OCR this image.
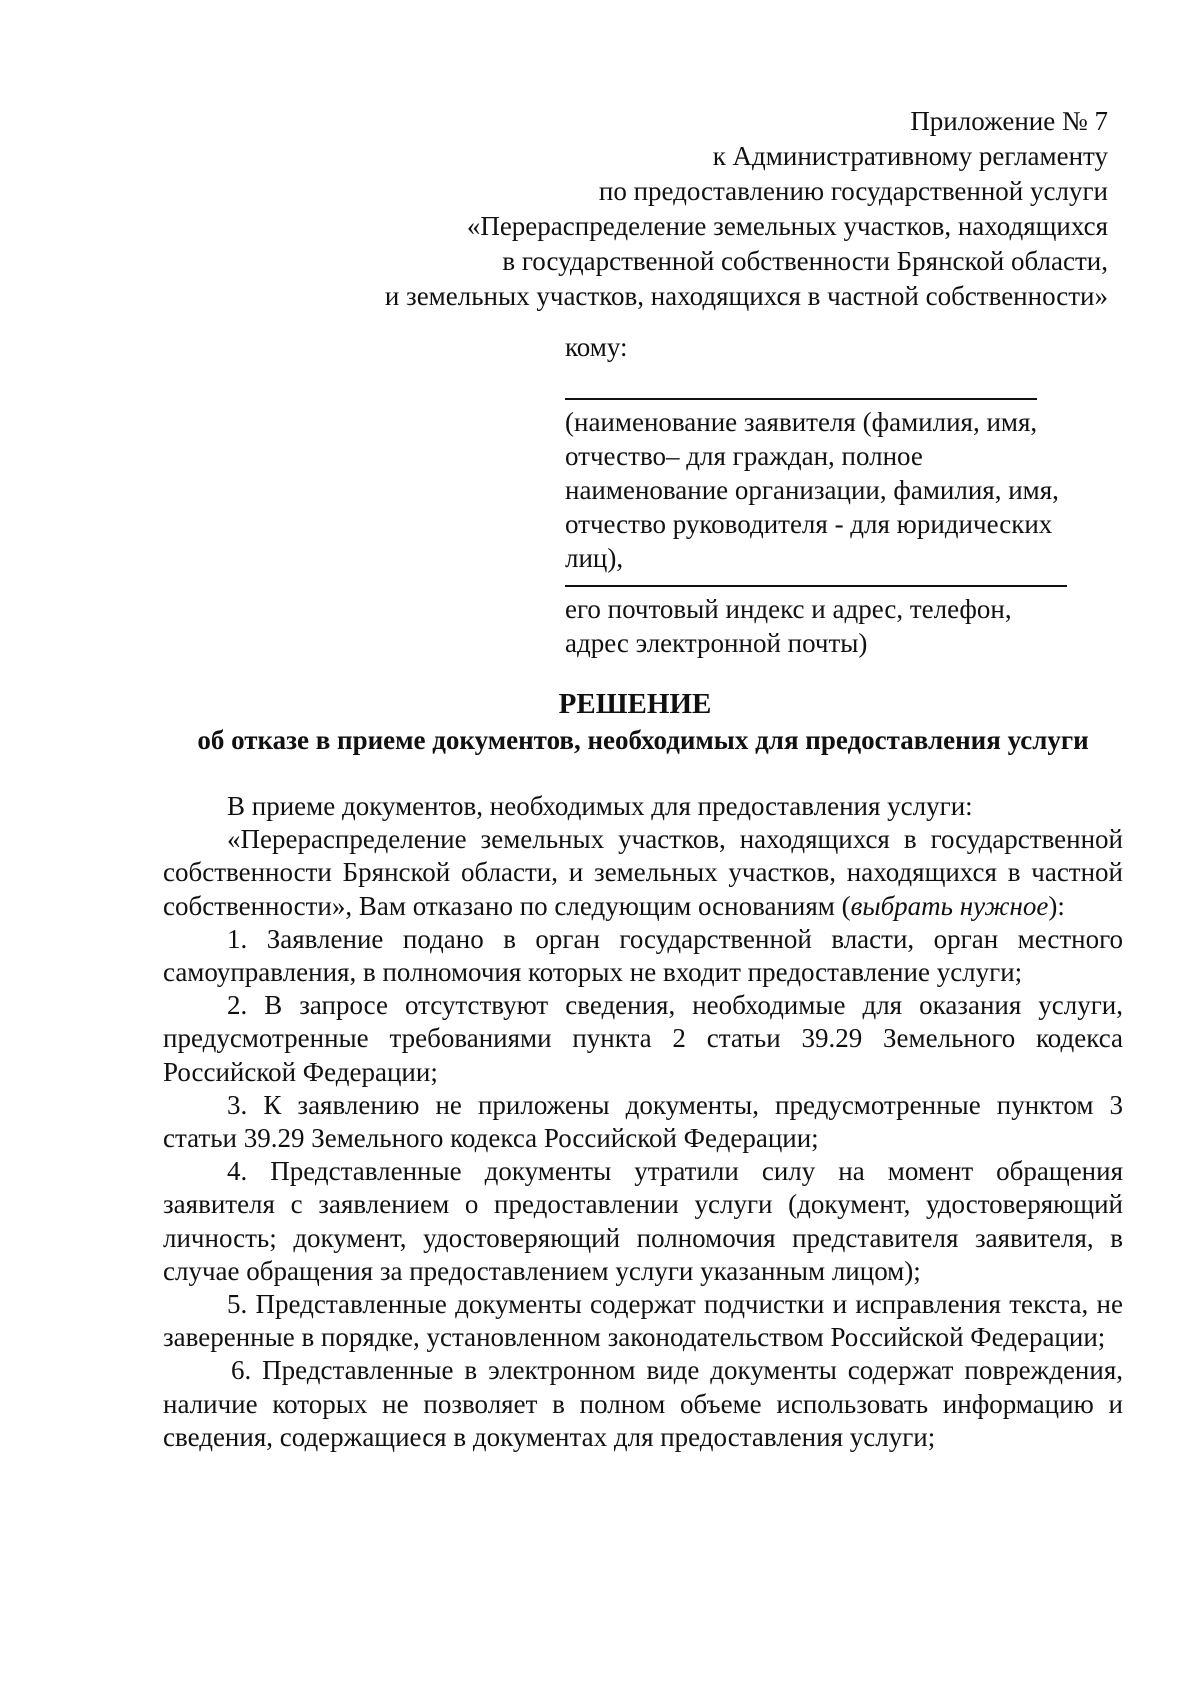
Приложение № 7
к Административному регламенту
по предоставлению государственной услуги
«Перераспределение земельных участков, находящихся
в государственной собственности Брянской области,
и земельных участков, находящихся в частной собственности»
кому:
(наименование заявителя (фамилия, имя,
отчество– для граждан, полное
наименование организации, фамилия, имя,
отчество руководителя - для юридических
лиц),
его почтовый индекс и адрес, телефон,
адрес электронной почты)
РЕШЕНИЕ
об отказе в приеме документов, необходимых для предоставления услуги

В приеме документов, необходимых для предоставления услуги:

«Перераспределение земельных участков, находящихся в государственной собственности Брянской области, и земельных участков, находящихся в частной собственности», Вам отказано по следующим основаниям (выбрать нужное):

1. Заявление подано в орган государственной власти, орган местного самоуправления, в полномочия которых не входит предоставление услуги;

2. В запросе отсутствуют сведения, необходимые для оказания услуги, предусмотренные требованиями пункта 2 статьи 39.29 Земельного кодекса Российской Федерации;

3. К заявлению не приложены документы, предусмотренные пунктом 3 статьи 39.29 Земельного кодекса Российской Федерации;

4. Представленные документы утратили силу на момент обращения заявителя с заявлением о предоставлении услуги (документ, удостоверяющий личность; документ, удостоверяющий полномочия представителя заявителя, в случае обращения за предоставлением услуги указанным лицом);

5. Представленные документы содержат подчистки и исправления текста, не заверенные в порядке, установленном законодательством Российской Федерации;

6. Представленные в электронном виде документы содержат повреждения, наличие которых не позволяет в полном объеме использовать информацию и сведения, содержащиеся в документах для предоставления услуги;
